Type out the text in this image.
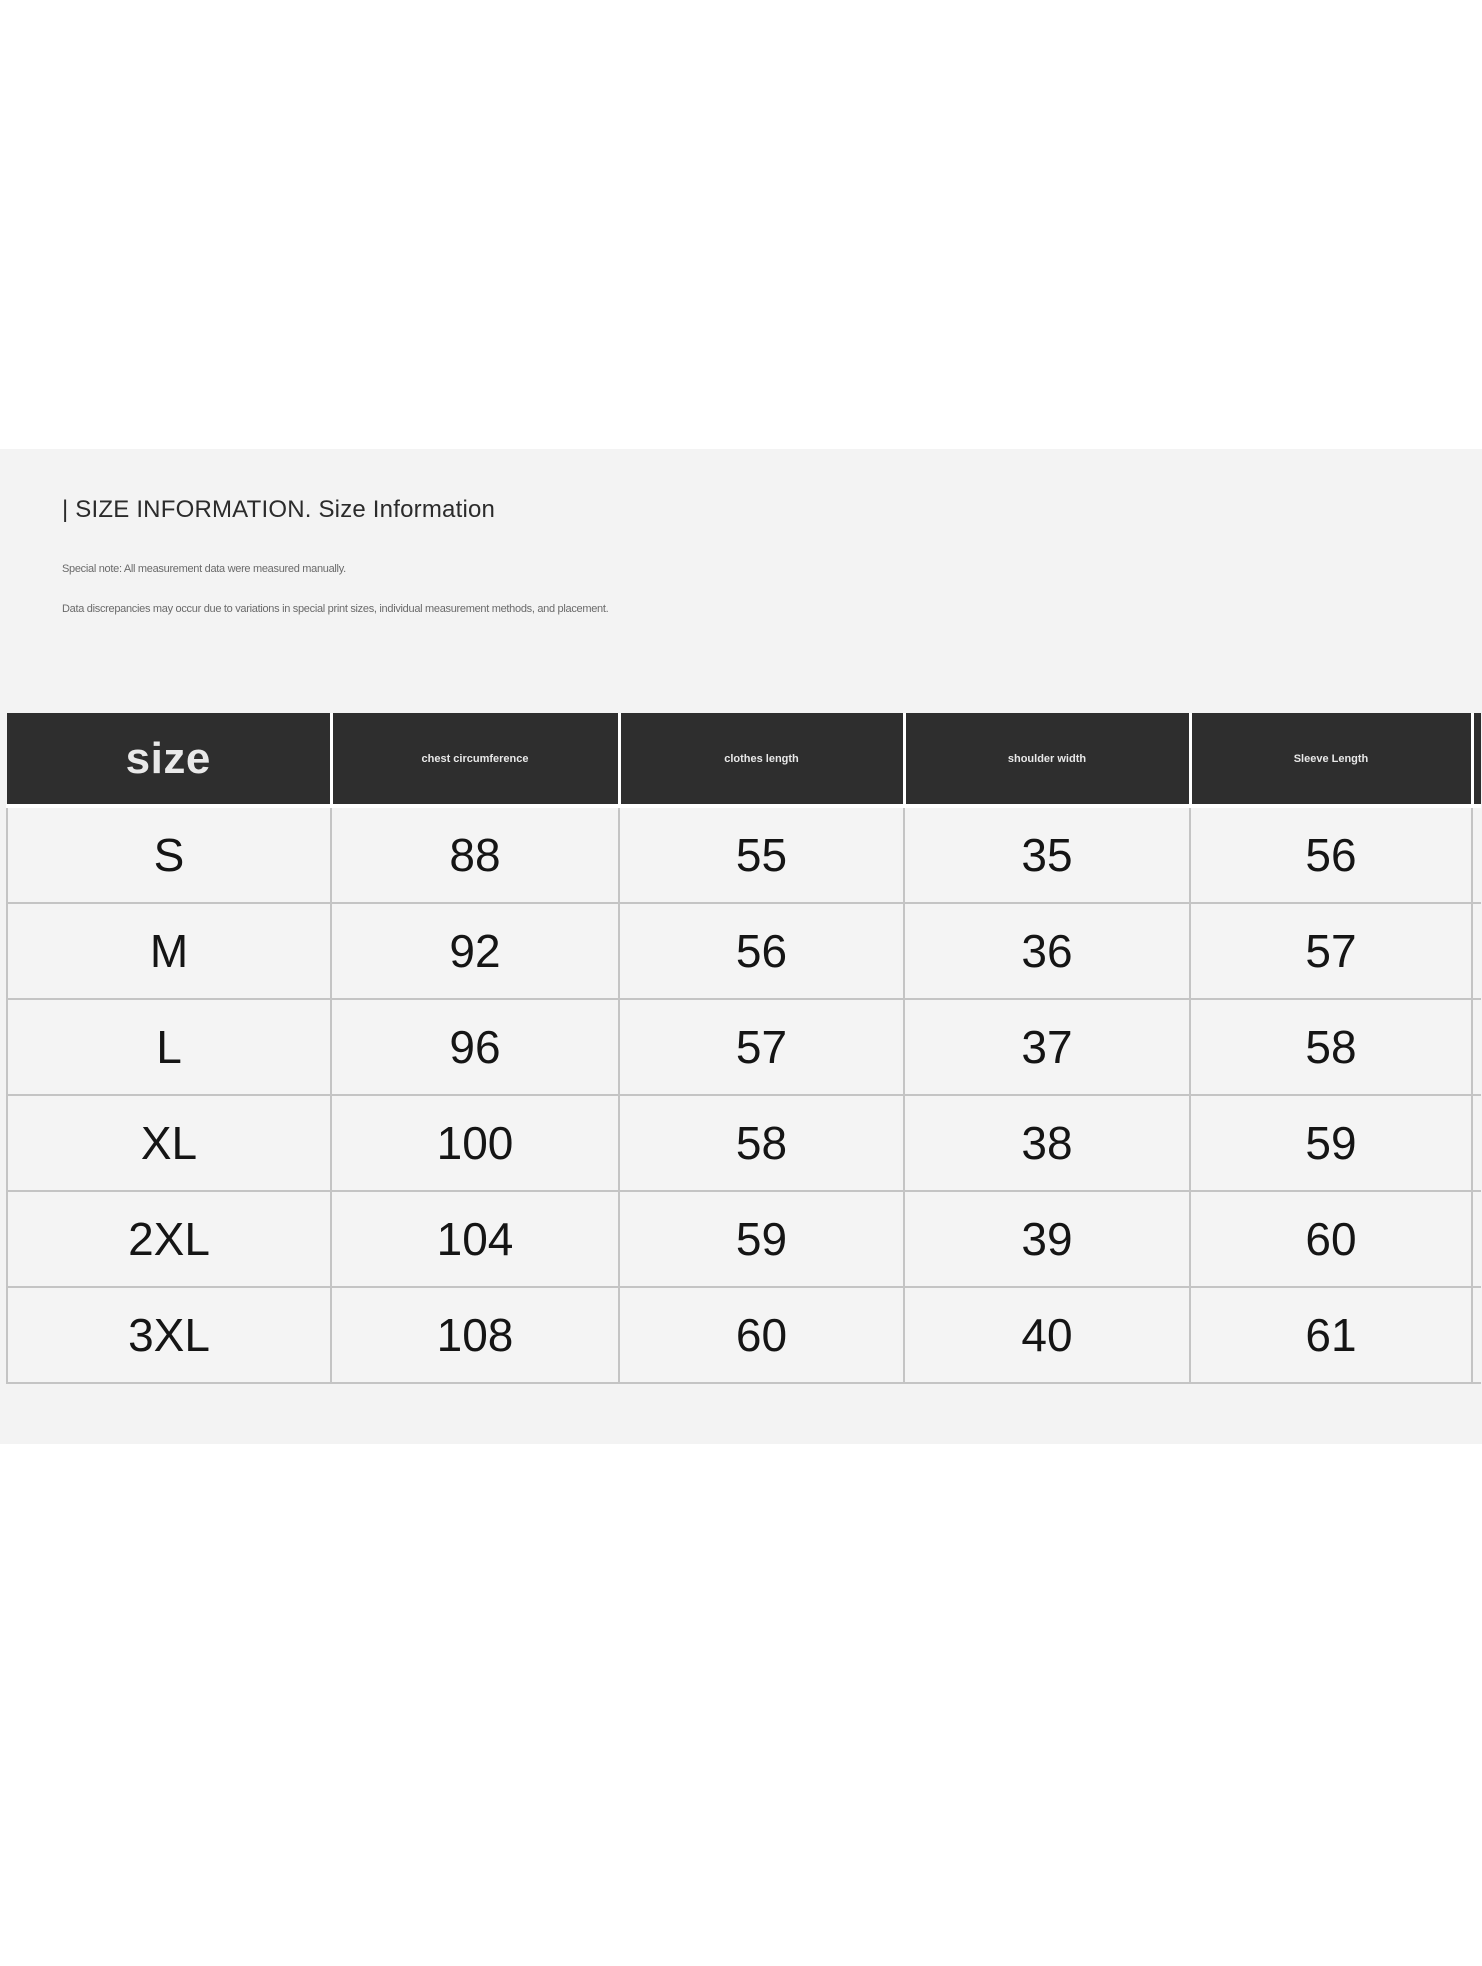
| SIZE INFORMATION. Size Information
Special note: All measurement data were measured manually.
Data discrepancies may occur due to variations in special print sizes, individual measurement methods, and placement.
size	chest circumference	clothes length	shoulder width	Sleeve Length	
S	88	55	35	56	
M	92	56	36	57	
L	96	57	37	58	
XL	100	58	38	59	
2XL	104	59	39	60	
3XL	108	60	40	61	
